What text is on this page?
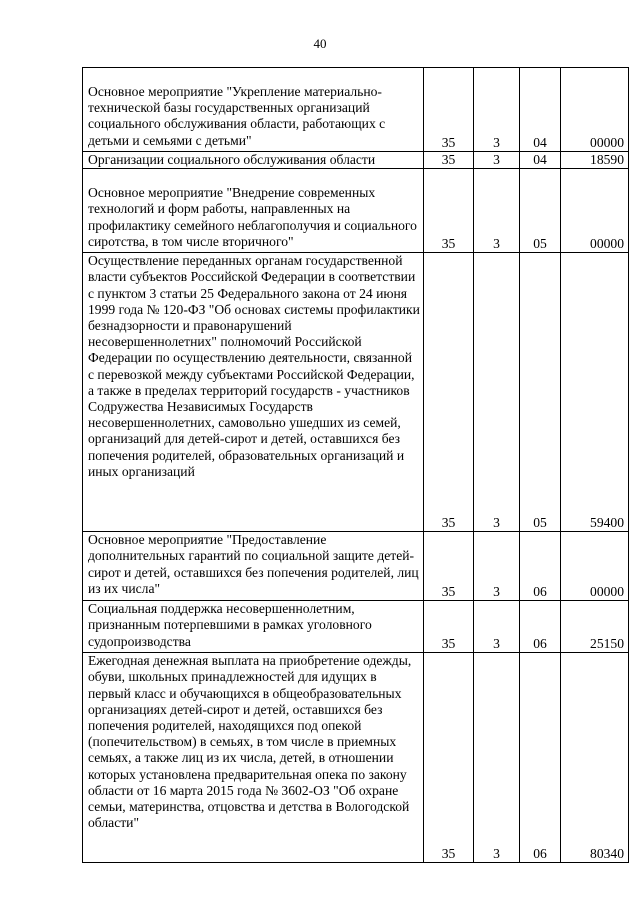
40
Основное мероприятие "Укрепление материально-технической базы государственных организаций социального обслуживания области, работающих с детьми и семьями с детьми"	35	3	04	00000
Организации социального обслуживания области	35	3	04	18590
Основное мероприятие "Внедрение современных технологий и форм работы, направленных на профилактику семейного неблагополучия и социального сиротства, в том числе вторичного"	35	3	05	00000
Осуществление переданных органам государственной власти субъектов Российской Федерации в соответствии с пунктом 3 статьи 25 Федерального закона от 24 июня 1999 года № 120-ФЗ "Об основах системы профилактики безнадзорности и правонарушений несовершеннолетних" полномочий Российской Федерации по осуществлению деятельности, связанной с перевозкой между субъектами Российской Федерации, а также в пределах территорий государств - участников Содружества Независимых Государств несовершеннолетних, самовольно ушедших из семей, организаций для детей-сирот и детей, оставшихся без попечения родителей, образовательных организаций и иных организаций	35	3	05	59400
Основное мероприятие "Предоставление дополнительных гарантий по социальной защите детей-сирот и детей, оставшихся без попечения родителей, лиц из их числа"	35	3	06	00000
Социальная поддержка несовершеннолетним, признанным потерпевшими в рамках уголовного судопроизводства	35	3	06	25150
Ежегодная денежная выплата на приобретение одежды, обуви, школьных принадлежностей для идущих в первый класс и обучающихся в общеобразовательных организациях детей-сирот и детей, оставшихся без попечения родителей, находящихся под опекой (попечительством) в семьях, в том числе в приемных семьях, а также лиц из их числа, детей, в отношении которых установлена предварительная опека по закону области от 16 марта 2015 года № 3602-ОЗ "Об охране семьи, материнства, отцовства и детства в Вологодской области"	35	3	06	80340
